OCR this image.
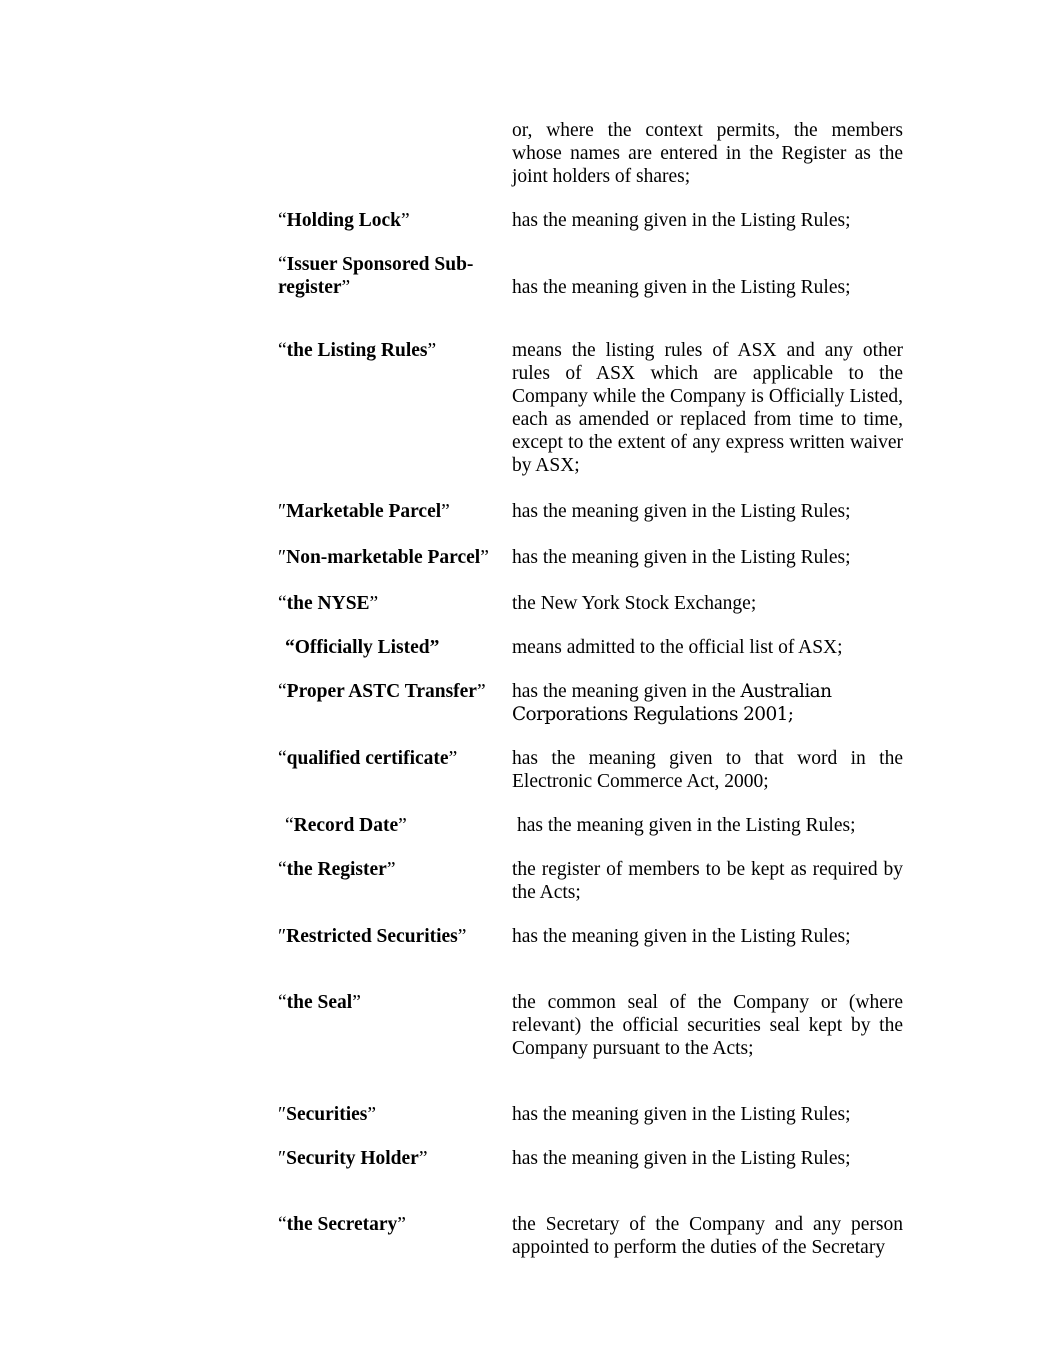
or, where the context permits, the members whose names are entered in the Register as the joint holders of shares;
“Holding Lock”	has the meaning given in the Listing Rules;
“Issuer Sponsored Sub-register”	has the meaning given in the Listing Rules;
“the Listing Rules”	means the listing rules of ASX and any other rules of ASX which are applicable to the Company while the Company is Officially Listed, each as amended or replaced from time to time, except to the extent of any express written waiver by ASX;
″Marketable Parcel”	has the meaning given in the Listing Rules;
″Non-marketable Parcel”	has the meaning given in the Listing Rules;
“the NYSE”	the New York Stock Exchange;
“Officially Listed”	means admitted to the official list of ASX;
“Proper ASTC Transfer”	has the meaning given in the Australian Corporations Regulations 2001;
“qualified certificate”	has the meaning given to that word in the Electronic Commerce Act, 2000;
“Record Date”	has the meaning given in the Listing Rules;
“the Register”	the register of members to be kept as required by the Acts;
″Restricted Securities”	has the meaning given in the Listing Rules;
“the Seal”	the common seal of the Company or (where relevant) the official securities seal kept by the Company pursuant to the Acts;
″Securities”	has the meaning given in the Listing Rules;
″Security Holder”	has the meaning given in the Listing Rules;
“the Secretary”	the Secretary of the Company and any person appointed to perform the duties of the Secretary
